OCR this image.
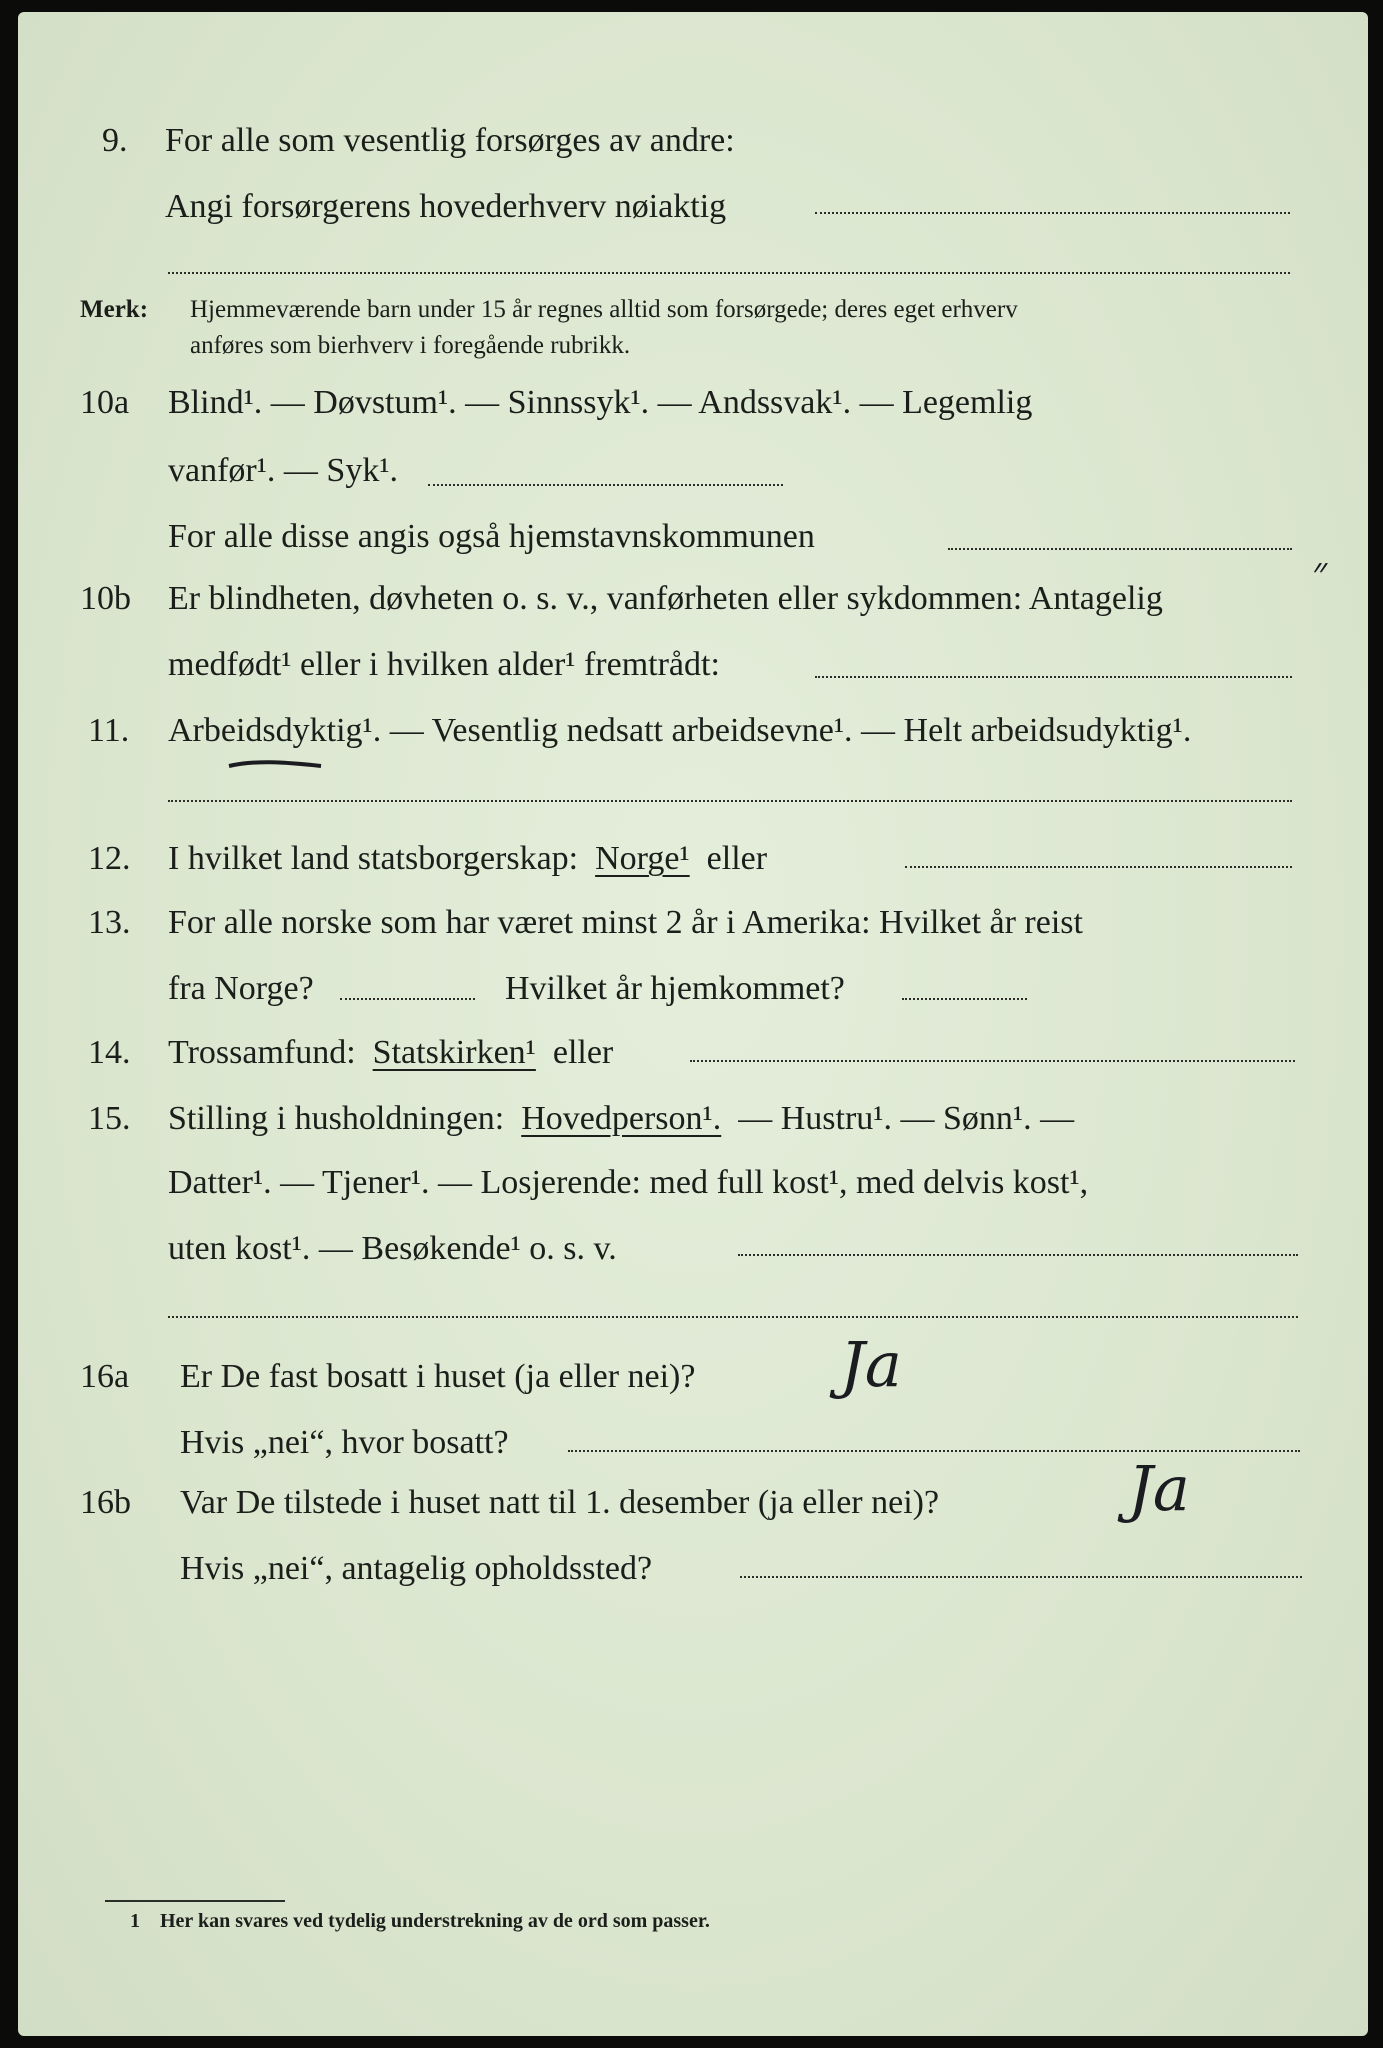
9. For alle som vesentlig forsørges av andre:
Angi forsørgerens hovederhverv nøiaktig
Merk: Hjemmeværende barn under 15 år regnes alltid som forsørgede; deres eget erhverv
anføres som bierhverv i foregående rubrikk.
10a Blind¹. — Døvstum¹. — Sinnssyk¹. — Andssvak¹. — Legemlig
vanfør¹. — Syk¹.
For alle disse angis også hjemstavnskommunen
10b Er blindheten, døvheten o. s. v., vanførheten eller sykdommen: Antagelig
״
medfødt¹ eller i hvilken alder¹ fremtrådt:
11. Arbeidsdyktig¹. — Vesentlig nedsatt arbeidsevne¹. — Helt arbeidsudyktig¹.
12. I hvilket land statsborgerskap: Norge¹ eller
13. For alle norske som har været minst 2 år i Amerika: Hvilket år reist
fra Norge?	Hvilket år hjemkommet?
14. Trossamfund: Statskirken¹ eller
15. Stilling i husholdningen: Hovedperson¹. — Hustru¹. — Sønn¹. —
Datter¹. — Tjener¹. — Losjerende: med full kost¹, med delvis kost¹,
uten kost¹. — Besøkende¹ o. s. v.
16a Er De fast bosatt i huset (ja eller nei)? Ja
Hvis „nei“, hvor bosatt?
16b Var De tilstede i huset natt til 1. desember (ja eller nei)?	Ja
Hvis „nei“, antagelig opholdssted?
1 Her kan svares ved tydelig understrekning av de ord som passer.
